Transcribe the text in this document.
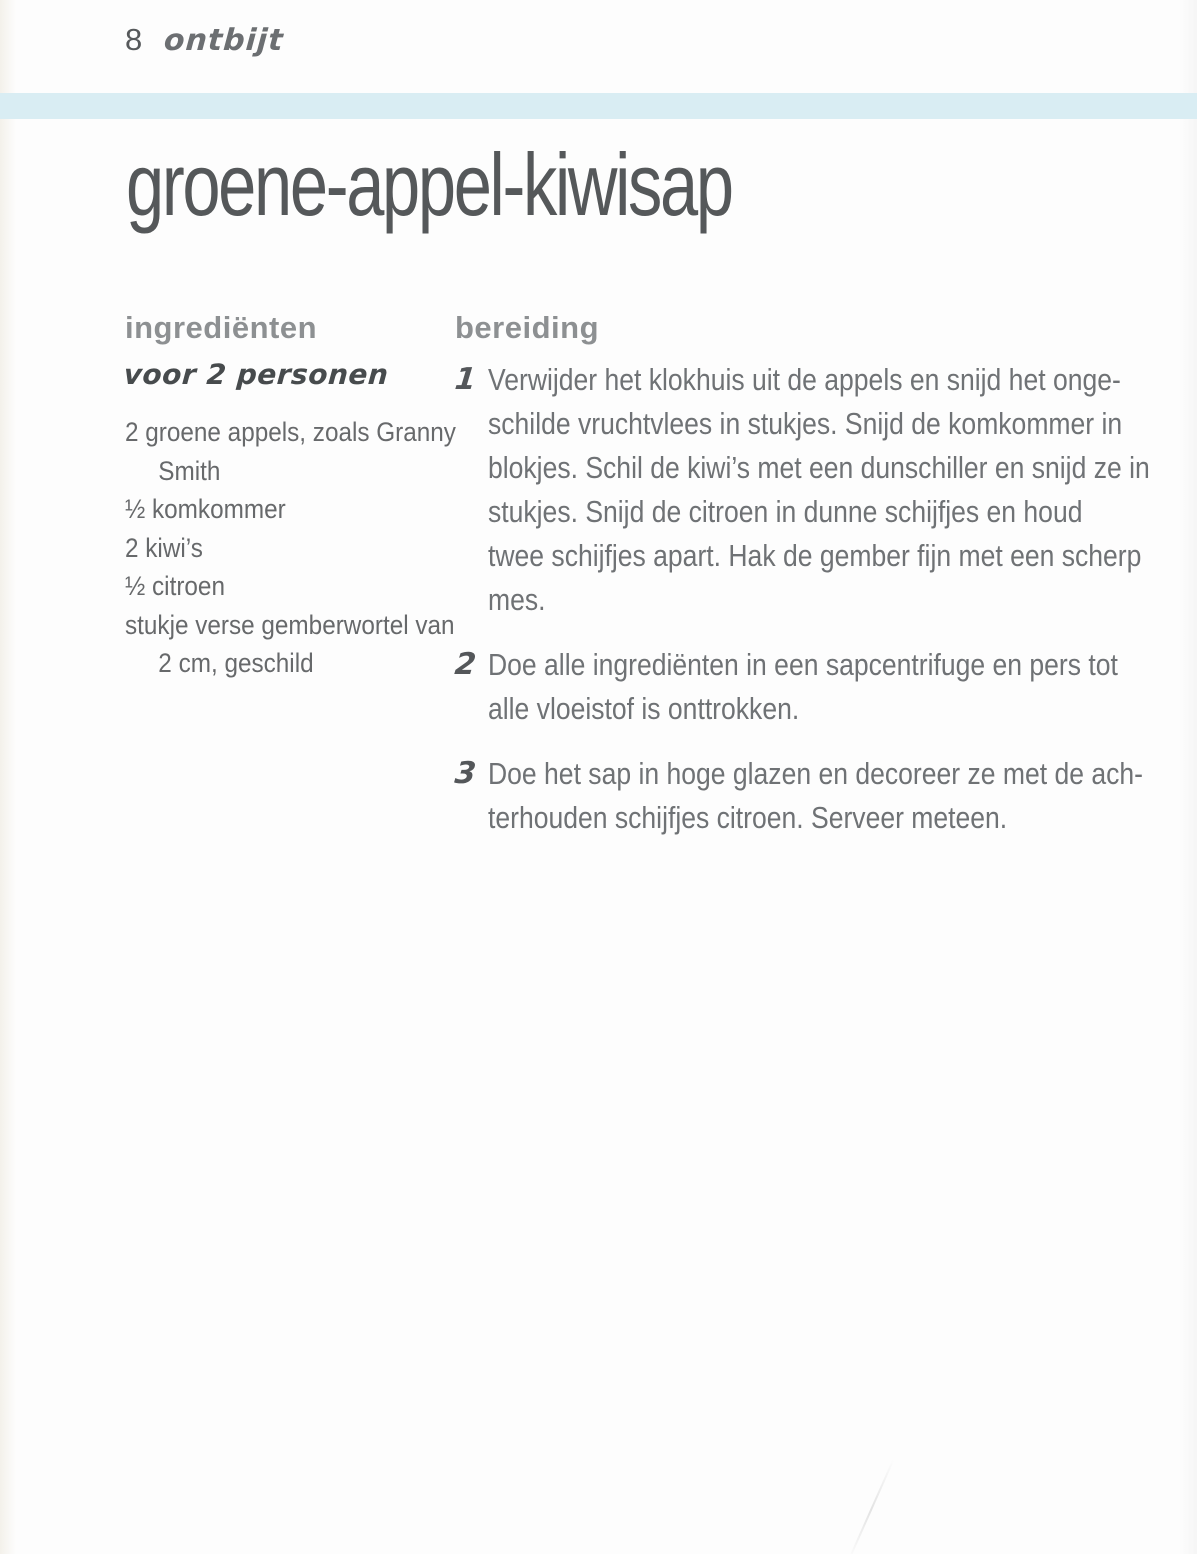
8 ontbijt
groene-appel-kiwisap
ingrediënten
voor 2 personen
2 groene appels, zoals Granny
Smith
½ komkommer
2 kiwi’s
½ citroen
stukje verse gemberwortel van
2 cm, geschild
bereiding
1 Verwijder het klokhuis uit de appels en snijd het onge-
schilde vruchtvlees in stukjes. Snijd de komkommer in
blokjes. Schil de kiwi’s met een dunschiller en snijd ze in
stukjes. Snijd de citroen in dunne schijfjes en houd
twee schijfjes apart. Hak de gember fijn met een scherp
mes.
2 Doe alle ingrediënten in een sapcentrifuge en pers tot
alle vloeistof is onttrokken.
3 Doe het sap in hoge glazen en decoreer ze met de ach-
terhouden schijfjes citroen. Serveer meteen.
